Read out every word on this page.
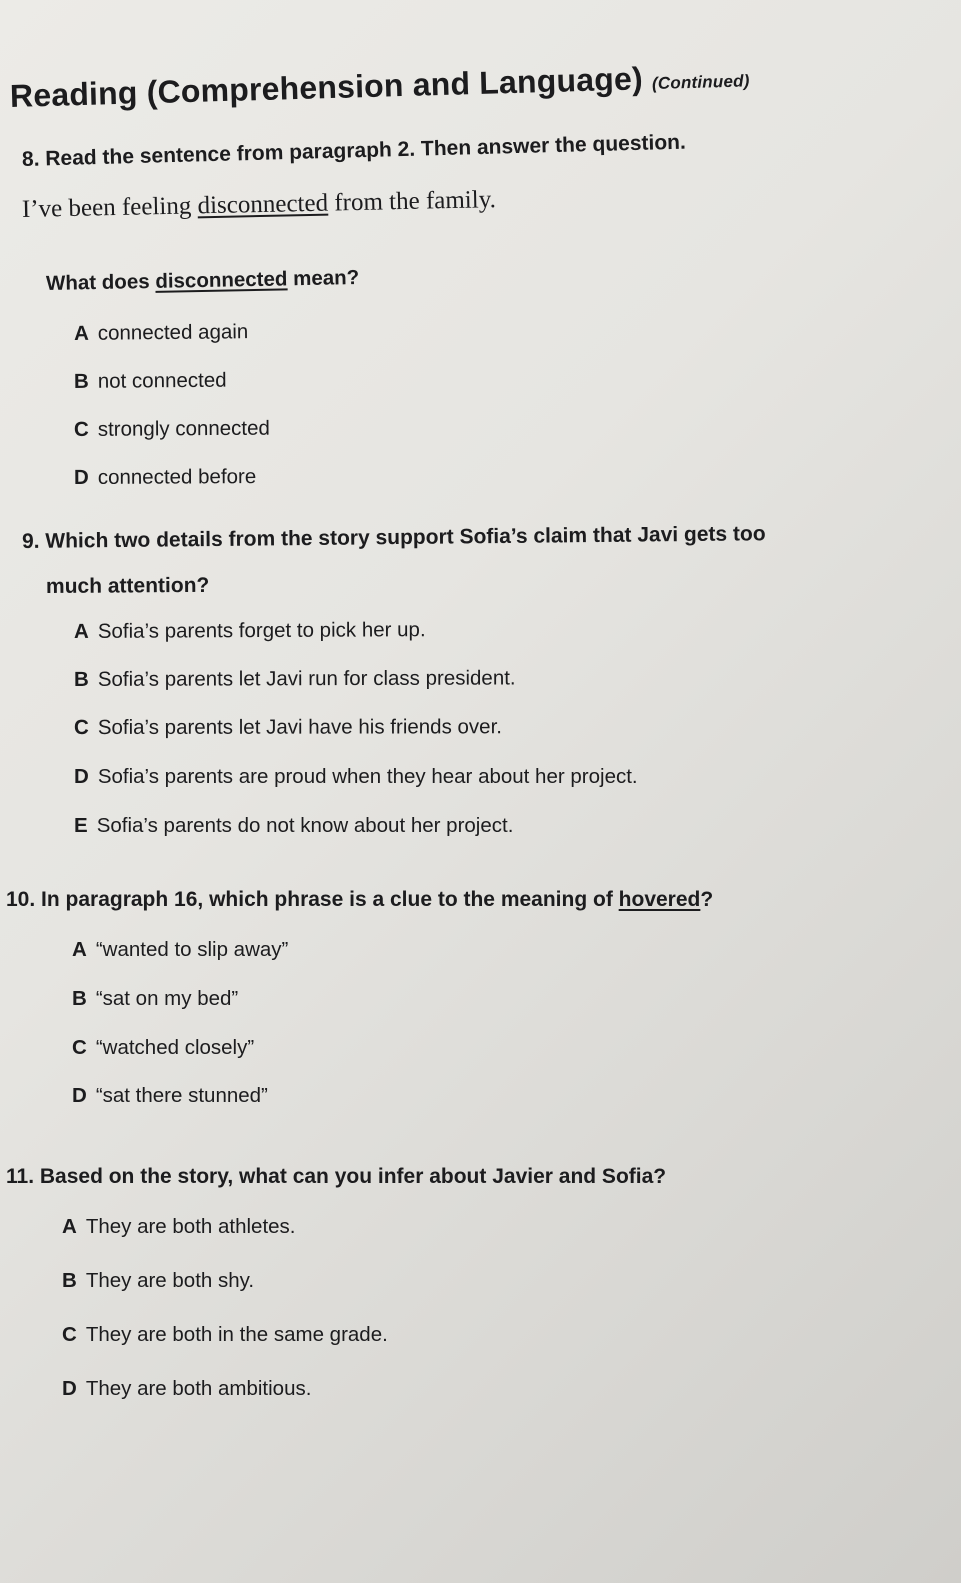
Reading (Comprehension and Language) (Continued)
8. Read the sentence from paragraph 2. Then answer the question.
I’ve been feeling disconnected from the family.
What does disconnected mean?
A connected again
B not connected
C strongly connected
D connected before
9. Which two details from the story support Sofia’s claim that Javi gets too
much attention?
A Sofia’s parents forget to pick her up.
B Sofia’s parents let Javi run for class president.
C Sofia’s parents let Javi have his friends over.
D Sofia’s parents are proud when they hear about her project.
E Sofia’s parents do not know about her project.
10. In paragraph 16, which phrase is a clue to the meaning of hovered?
A “wanted to slip away”
B “sat on my bed”
C “watched closely”
D “sat there stunned”
11. Based on the story, what can you infer about Javier and Sofia?
A They are both athletes.
B They are both shy.
C They are both in the same grade.
D They are both ambitious.
